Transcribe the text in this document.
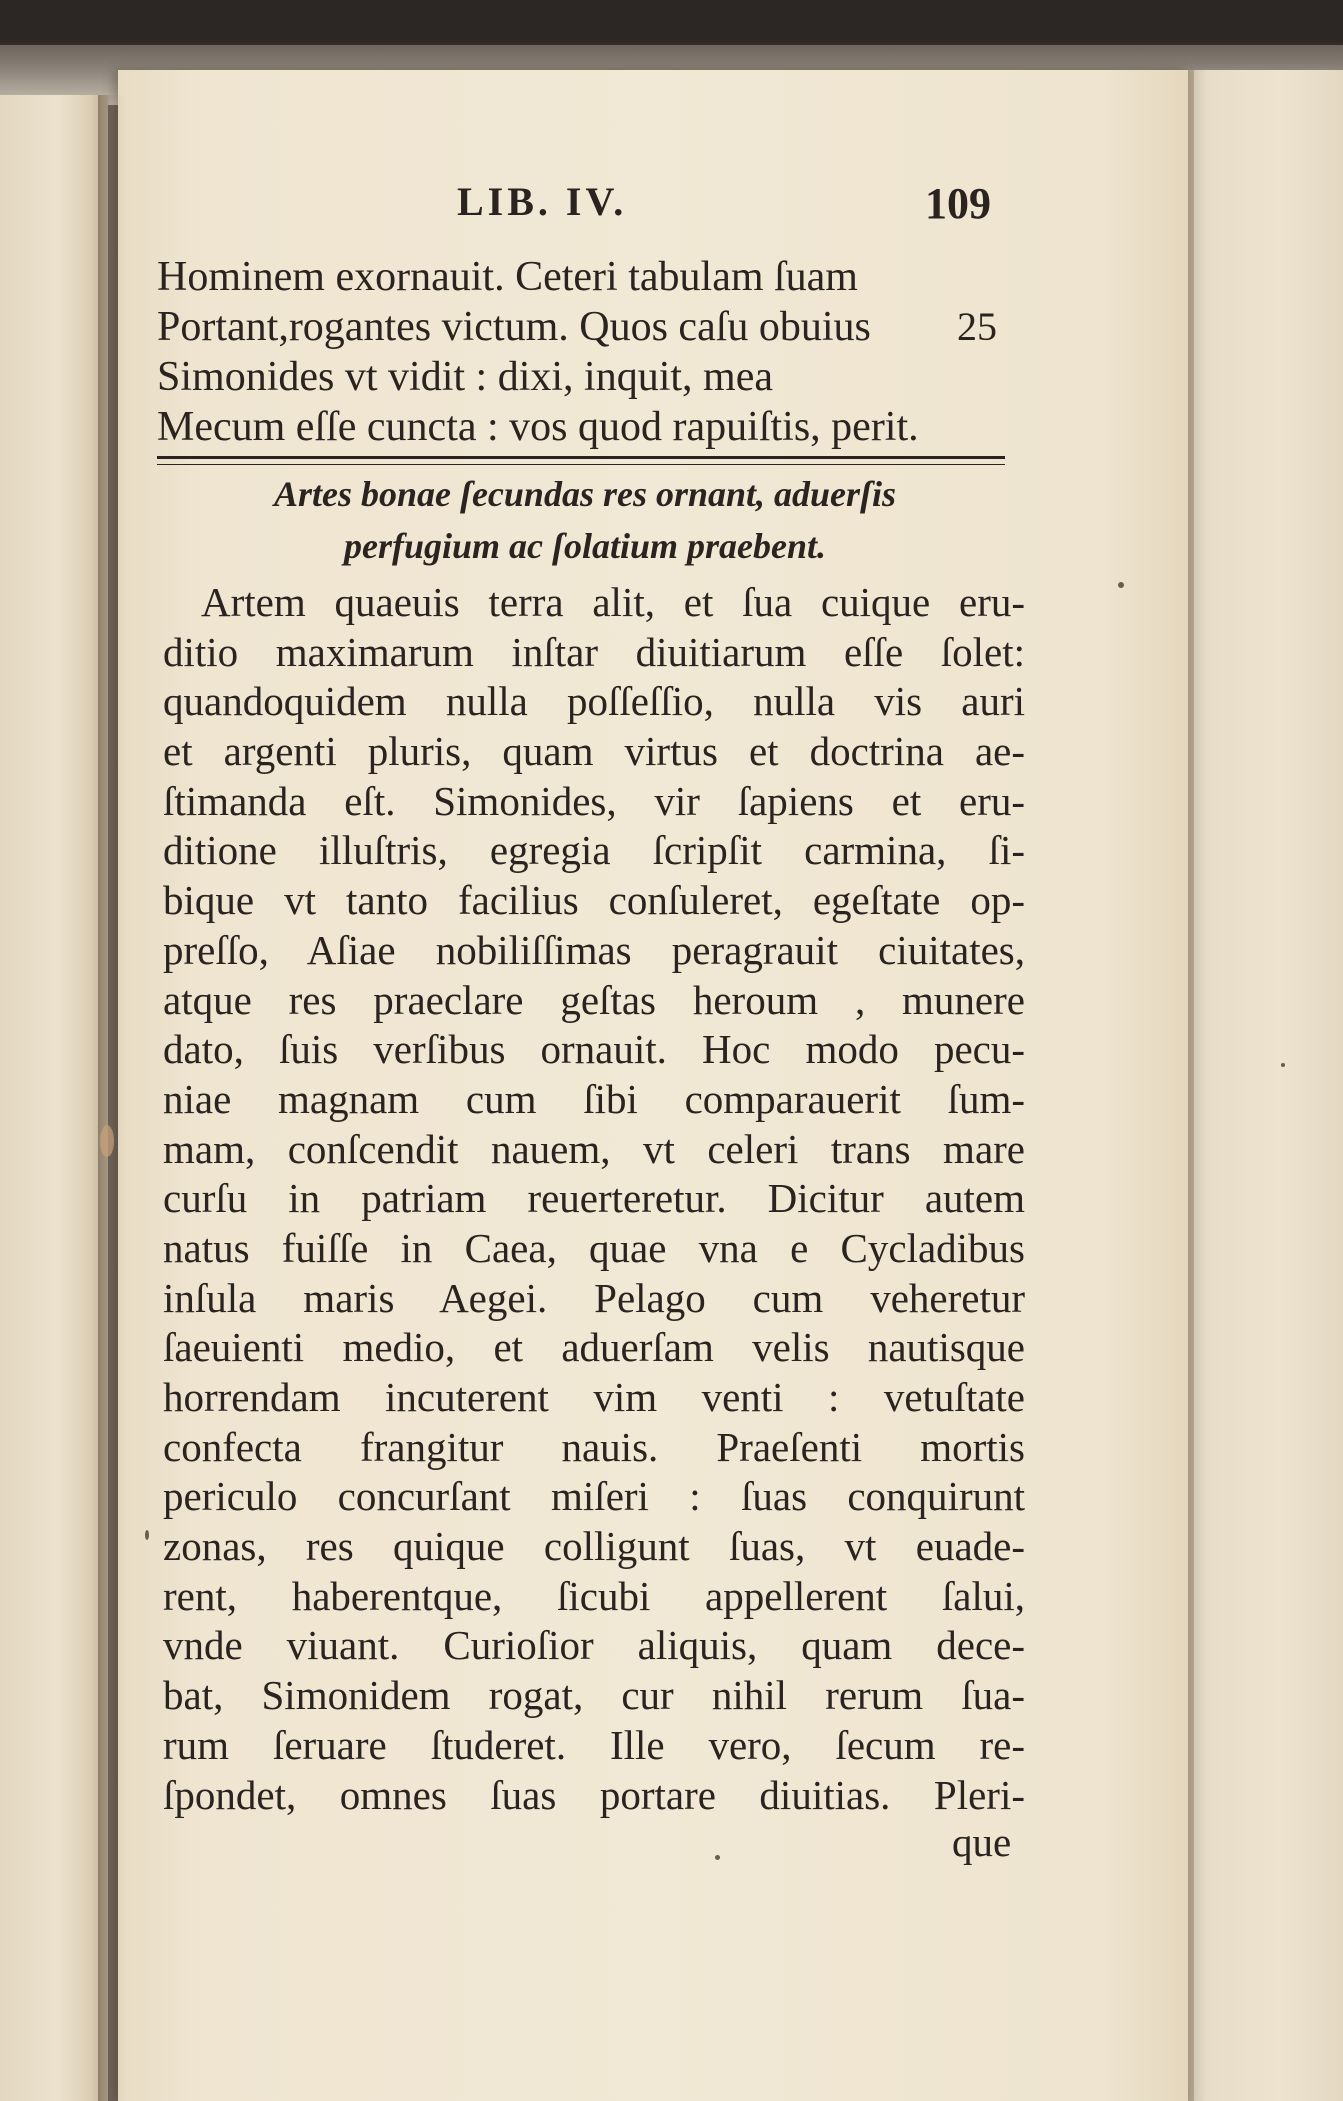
LIB. IV.	109
Hominem exornauit. Ceteri tabulam ſuam
Portant,rogantes victum. Quos caſu obuius 25
Simonides vt vidit : dixi, inquit, mea
Mecum eſſe cuncta : vos quod rapuiſtis, perit.
Artes bonae ſecundas res ornant, aduerſis
perfugium ac ſolatium praebent.
Artem quaeuis terra alit, et ſua cuique eru-
ditio maximarum inſtar diuitiarum eſſe ſolet:
quandoquidem nulla poſſeſſio, nulla vis auri
et argenti pluris, quam virtus et doctrina ae-
ſtimanda eſt. Simonides, vir ſapiens et eru-
ditione illuſtris, egregia ſcripſit carmina, ſi-
bique vt tanto facilius conſuleret, egeſtate op-
preſſo, Aſiae nobiliſſimas peragrauit ciuitates,
atque res praeclare geſtas heroum , munere
dato, ſuis verſibus ornauit. Hoc modo pecu-
niae magnam cum ſibi comparauerit ſum-
mam, conſcendit nauem, vt celeri trans mare
curſu in patriam reuerteretur. Dicitur autem
natus fuiſſe in Caea, quae vna e Cycladibus
inſula maris Aegei. Pelago cum veheretur
ſaeuienti medio, et aduerſam velis nautisque
horrendam incuterent vim venti : vetuſtate
confecta frangitur nauis. Praeſenti mortis
periculo concurſant miſeri : ſuas conquirunt
zonas, res quique colligunt ſuas, vt euade-
rent, haberentque, ſicubi appellerent ſalui,
vnde viuant. Curioſior aliquis, quam dece-
bat, Simonidem rogat, cur nihil rerum ſua-
rum ſeruare ſtuderet. Ille vero, ſecum re-
ſpondet, omnes ſuas portare diuitias. Pleri-
que
